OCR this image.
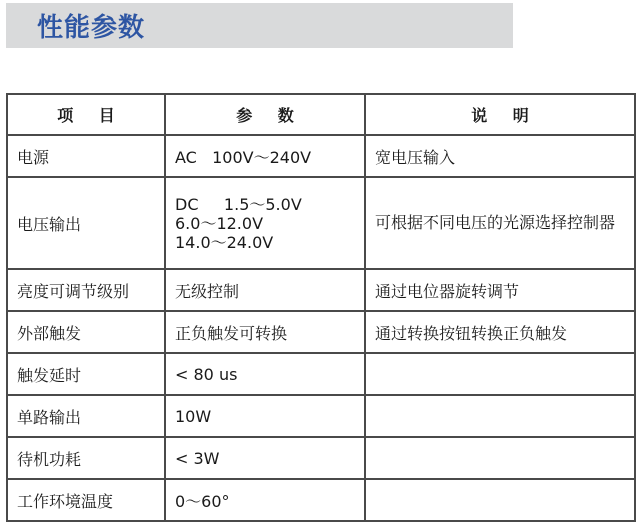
性能参数
项 目	参 数	说 明
电源	AC   100V～240V	宽电压输入
电压输出	DC     1.5～5.0V
6.0～12.0V
14.0～24.0V	可根据不同电压的光源选择控制器
亮度可调节级别	无级控制	通过电位器旋转调节
外部触发	正负触发可转换	通过转换按钮转换正负触发
触发延时	< 80 us	
单路输出	10W	
待机功耗	< 3W	
工作环境温度	0～60°	
